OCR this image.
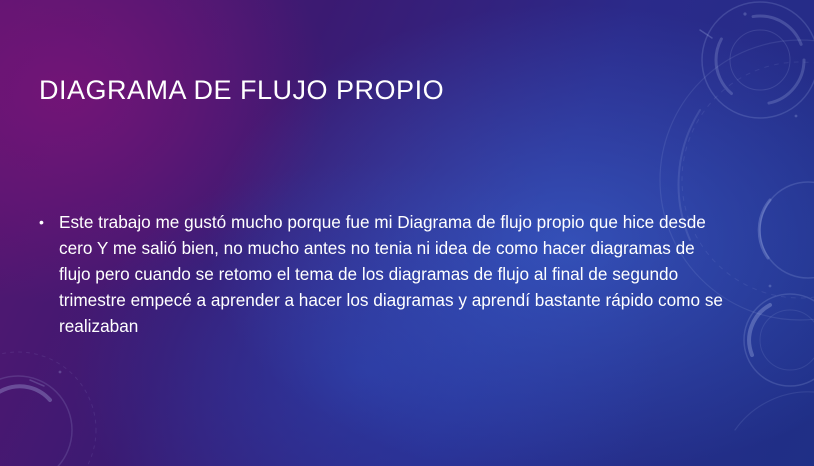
DIAGRAMA DE FLUJO PROPIO
• Este trabajo me gustó mucho porque fue mi Diagrama de flujo propio que hice desde cero Y me salió bien, no mucho antes no tenia ni idea de como hacer diagramas de flujo pero cuando se retomo el tema de los diagramas de flujo al final de segundo trimestre empecé a aprender a hacer los diagramas y aprendí bastante rápido como se realizaban
